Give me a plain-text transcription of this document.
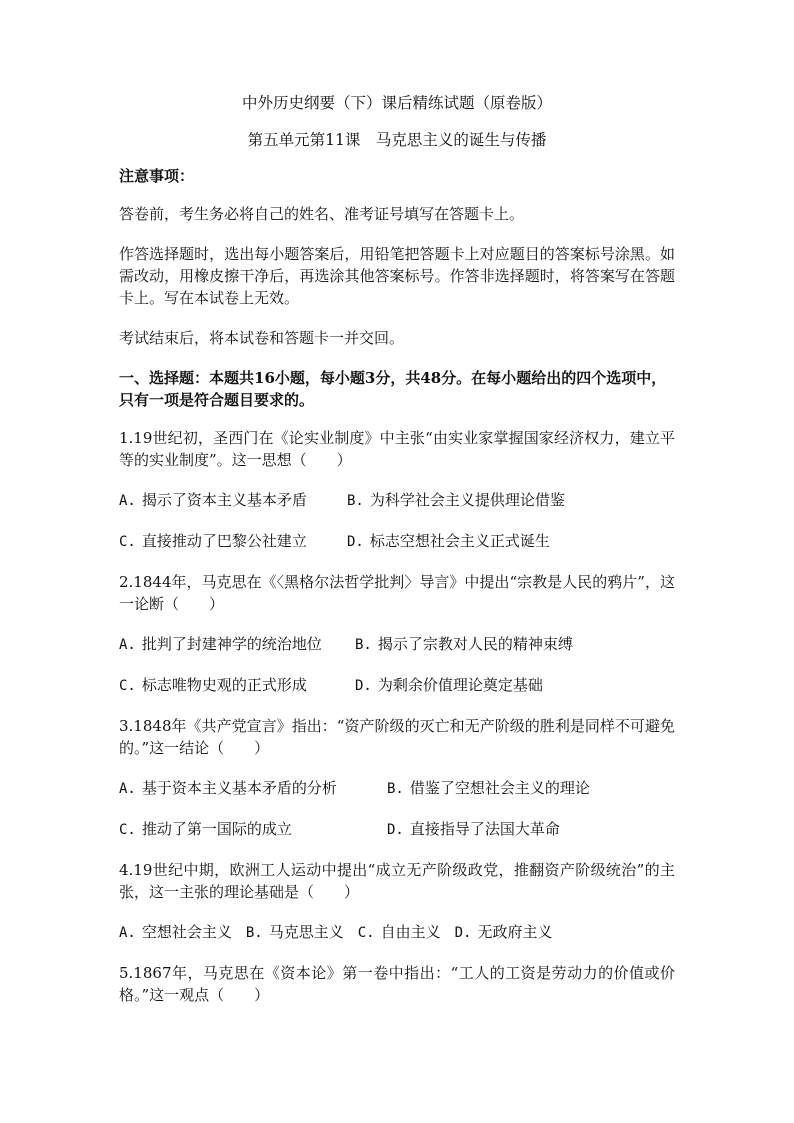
中外历史纲要（下）课后精练试题（原卷版）
第五单元第11课　马克思主义的诞生与传播
注意事项：
答卷前，考生务必将自己的姓名、准考证号填写在答题卡上。
作答选择题时，选出每小题答案后，用铅笔把答题卡上对应题目的答案标号涂黑。如需改动，用橡皮擦干净后，再选涂其他答案标号。作答非选择题时，将答案写在答题卡上。写在本试卷上无效。
考试结束后，将本试卷和答题卡一并交回。
一、选择题：本题共16小题，每小题3分，共48分。在每小题给出的四个选项中，只有一项是符合题目要求的。
1.19世纪初，圣西门在《论实业制度》中主张“由实业家掌握国家经济权力，建立平等的实业制度”。这一思想（　　）
A. 揭示了资本主义基本矛盾	B. 为科学社会主义提供理论借鉴
C. 直接推动了巴黎公社建立	D. 标志空想社会主义正式诞生
2.1844年，马克思在《〈黑格尔法哲学批判〉导言》中提出“宗教是人民的鸦片”，这一论断（　　）
A. 批判了封建神学的统治地位	B. 揭示了宗教对人民的精神束缚
C. 标志唯物史观的正式形成	D. 为剩余价值理论奠定基础
3.1848年《共产党宣言》指出：“资产阶级的灭亡和无产阶级的胜利是同样不可避免的。”这一结论（　　）
A. 基于资本主义基本矛盾的分析	B. 借鉴了空想社会主义的理论
C. 推动了第一国际的成立	D. 直接指导了法国大革命
4.19世纪中期，欧洲工人运动中提出“成立无产阶级政党，推翻资产阶级统治”的主张，这一主张的理论基础是（　　）
A. 空想社会主义 B. 马克思主义 C. 自由主义 D. 无政府主义
5.1867年，马克思在《资本论》第一卷中指出：“工人的工资是劳动力的价值或价格。”这一观点（　　）
